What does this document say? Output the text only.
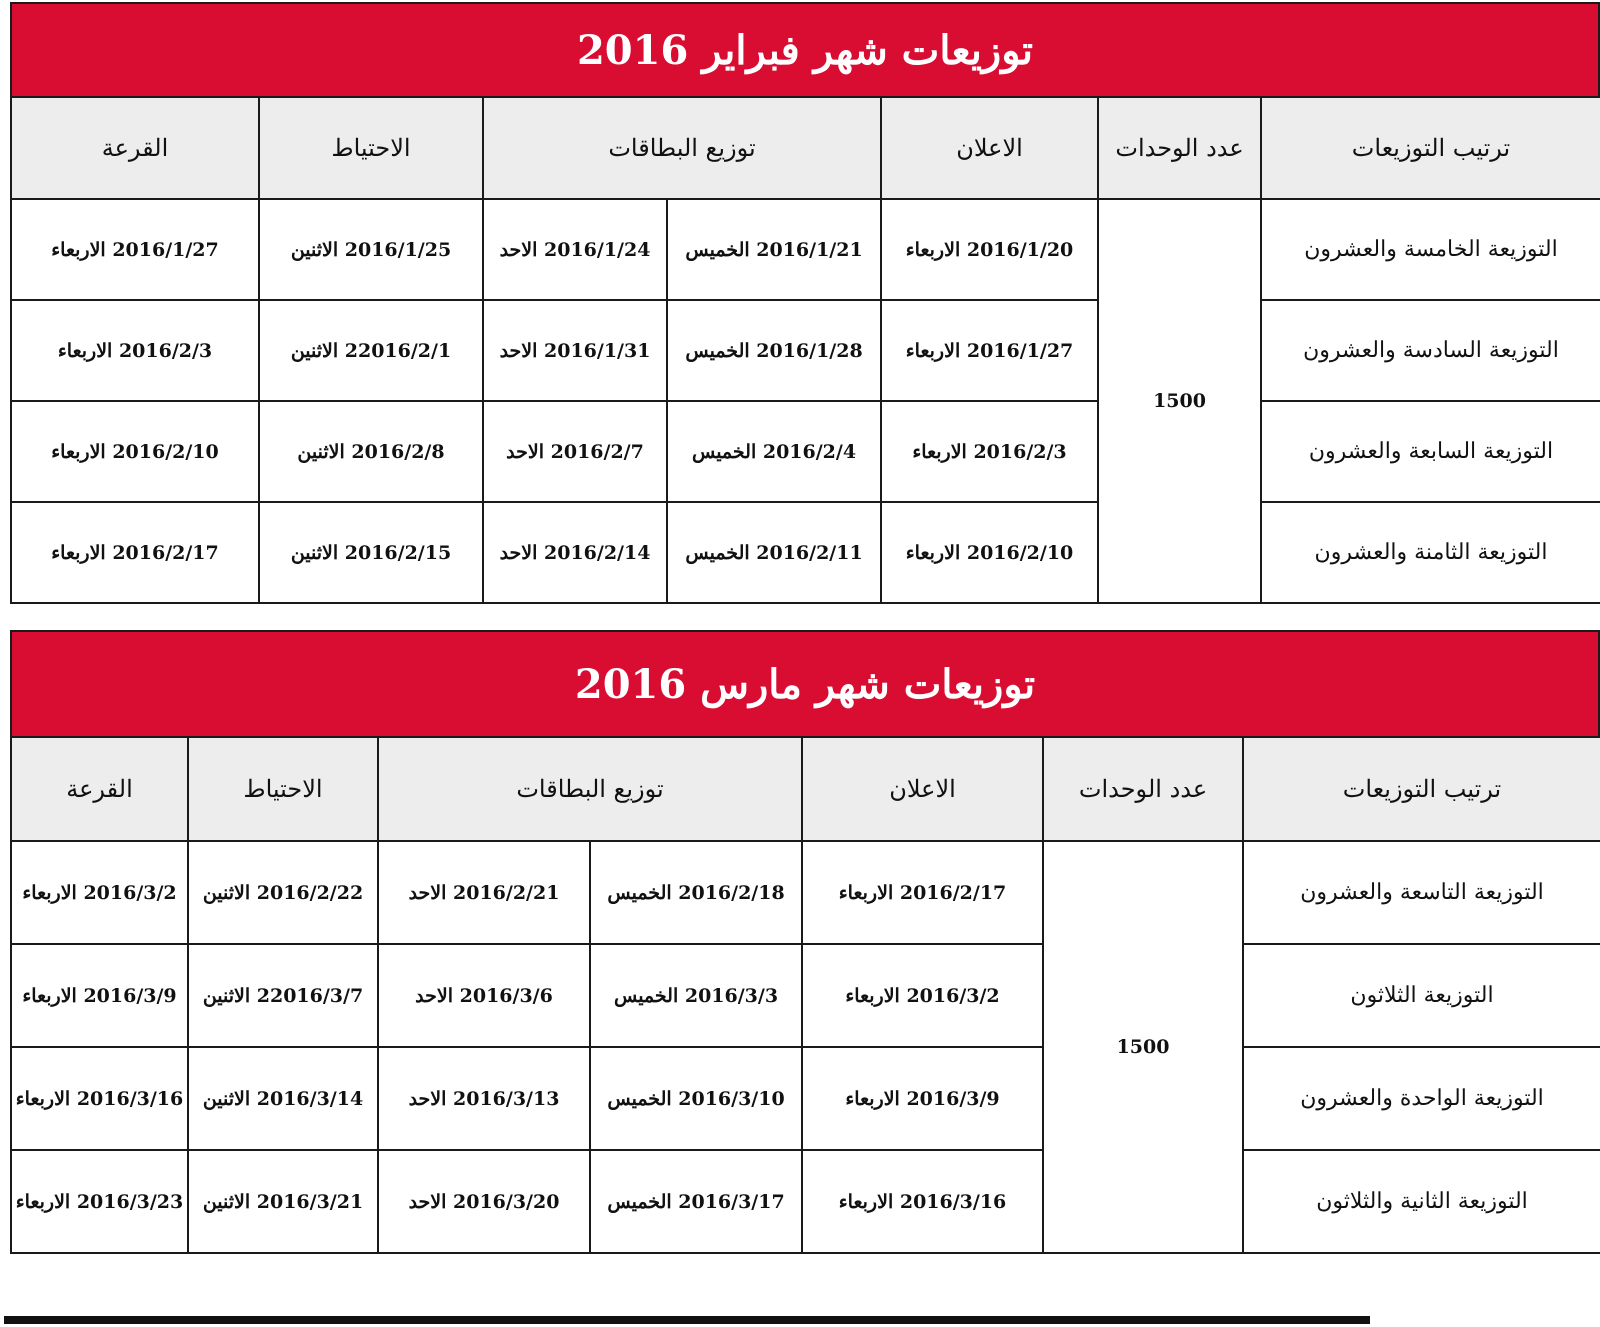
توزيعات شهر فبراير 2016
ترتيب التوزيعات	عدد الوحدات	الاعلان	توزيع البطاقات		الاحتياط	القرعة
التوزيعة الخامسة والعشرون	1500	2016/1/20 الاربعاء	2016/1/21 الخميس	2016/1/24 الاحد	2016/1/25 الاثنين	2016/1/27 الاربعاء
التوزيعة السادسة والعشرون		2016/1/27 الاربعاء	2016/1/28 الخميس	2016/1/31 الاحد	22016/2/1 الاثنين	2016/2/3 الاربعاء
التوزيعة السابعة والعشرون		2016/2/3 الاربعاء	2016/2/4 الخميس	2016/2/7 الاحد	2016/2/8 الاثنين	2016/2/10 الاربعاء
التوزيعة الثامنة والعشرون		2016/2/10 الاربعاء	2016/2/11 الخميس	2016/2/14 الاحد	2016/2/15 الاثنين	2016/2/17 الاربعاء
توزيعات شهر مارس 2016
ترتيب التوزيعات	عدد الوحدات	الاعلان	توزيع البطاقات		الاحتياط	القرعة
التوزيعة التاسعة والعشرون	1500	2016/2/17 الاربعاء	2016/2/18 الخميس	2016/2/21 الاحد	2016/2/22 الاثنين	2016/3/2 الاربعاء
التوزيعة الثلاثون		2016/3/2 الاربعاء	2016/3/3 الخميس	2016/3/6 الاحد	22016/3/7 الاثنين	2016/3/9 الاربعاء
التوزيعة الواحدة والعشرون		2016/3/9 الاربعاء	2016/3/10 الخميس	2016/3/13 الاحد	2016/3/14 الاثنين	2016/3/16 الاربعاء
التوزيعة الثانية والثلاثون		2016/3/16 الاربعاء	2016/3/17 الخميس	2016/3/20 الاحد	2016/3/21 الاثنين	2016/3/23 الاربعاء
